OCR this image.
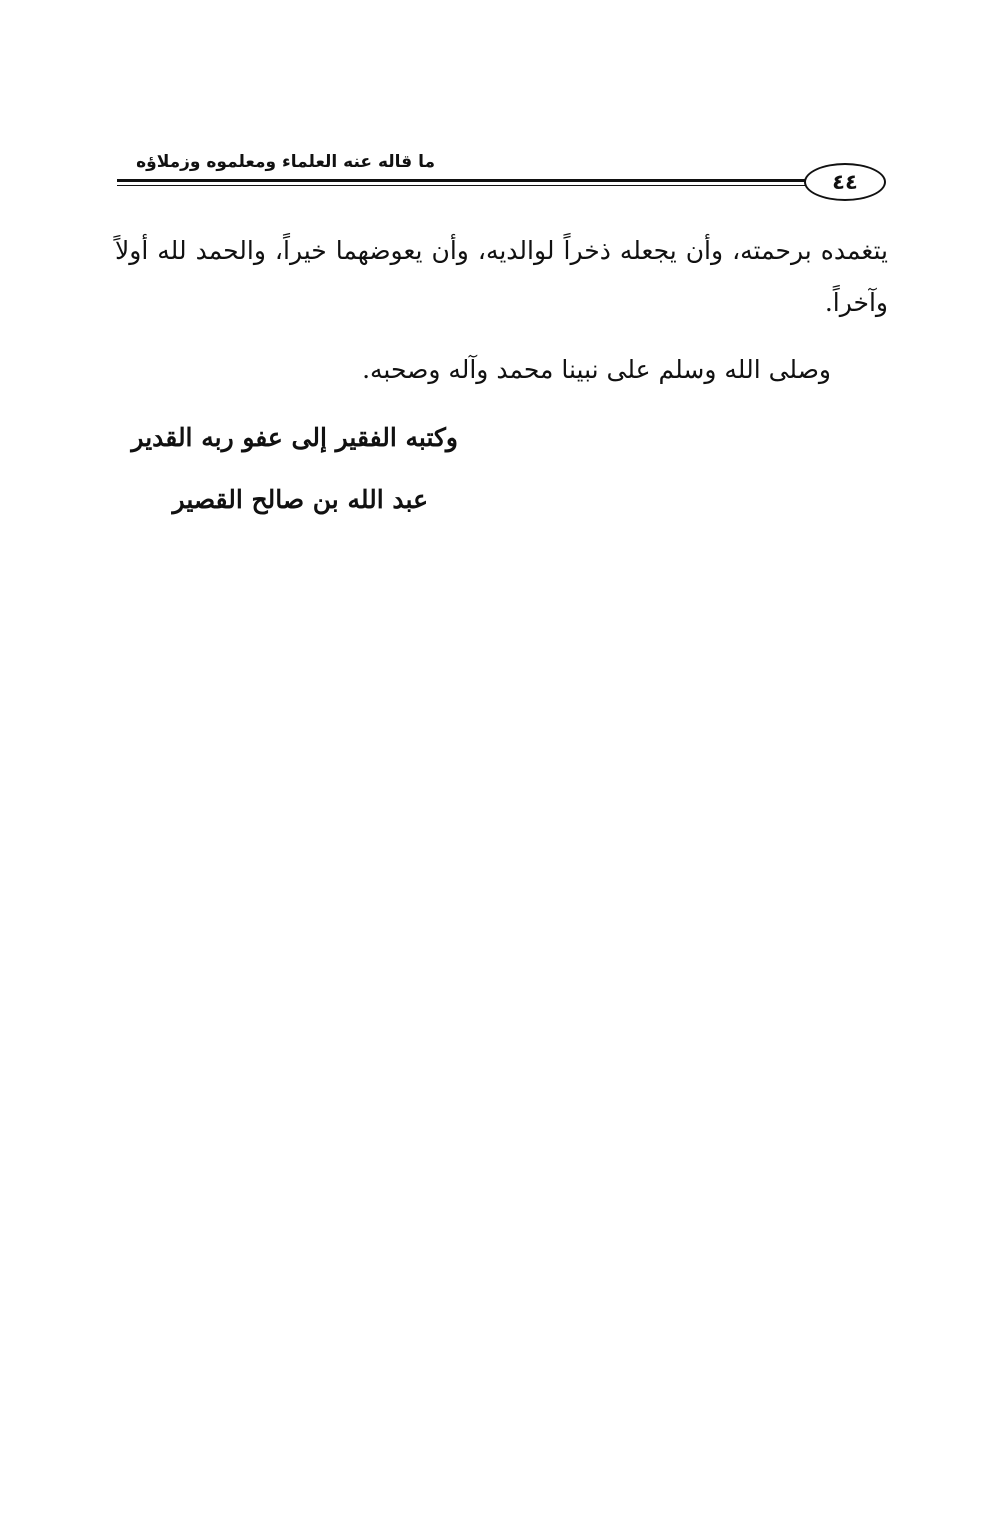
ما قاله عنه العلماء ومعلموه وزملاؤه
٤٤
يتغمده برحمته، وأن يجعله ذخراً لوالديه، وأن يعوضهما خيراً، والحمد لله أولاً وآخراً.
وصلى الله وسلم على نبينا محمد وآله وصحبه.
وكتبه الفقير إلى عفو ربه القدير
عبد الله بن صالح القصير
